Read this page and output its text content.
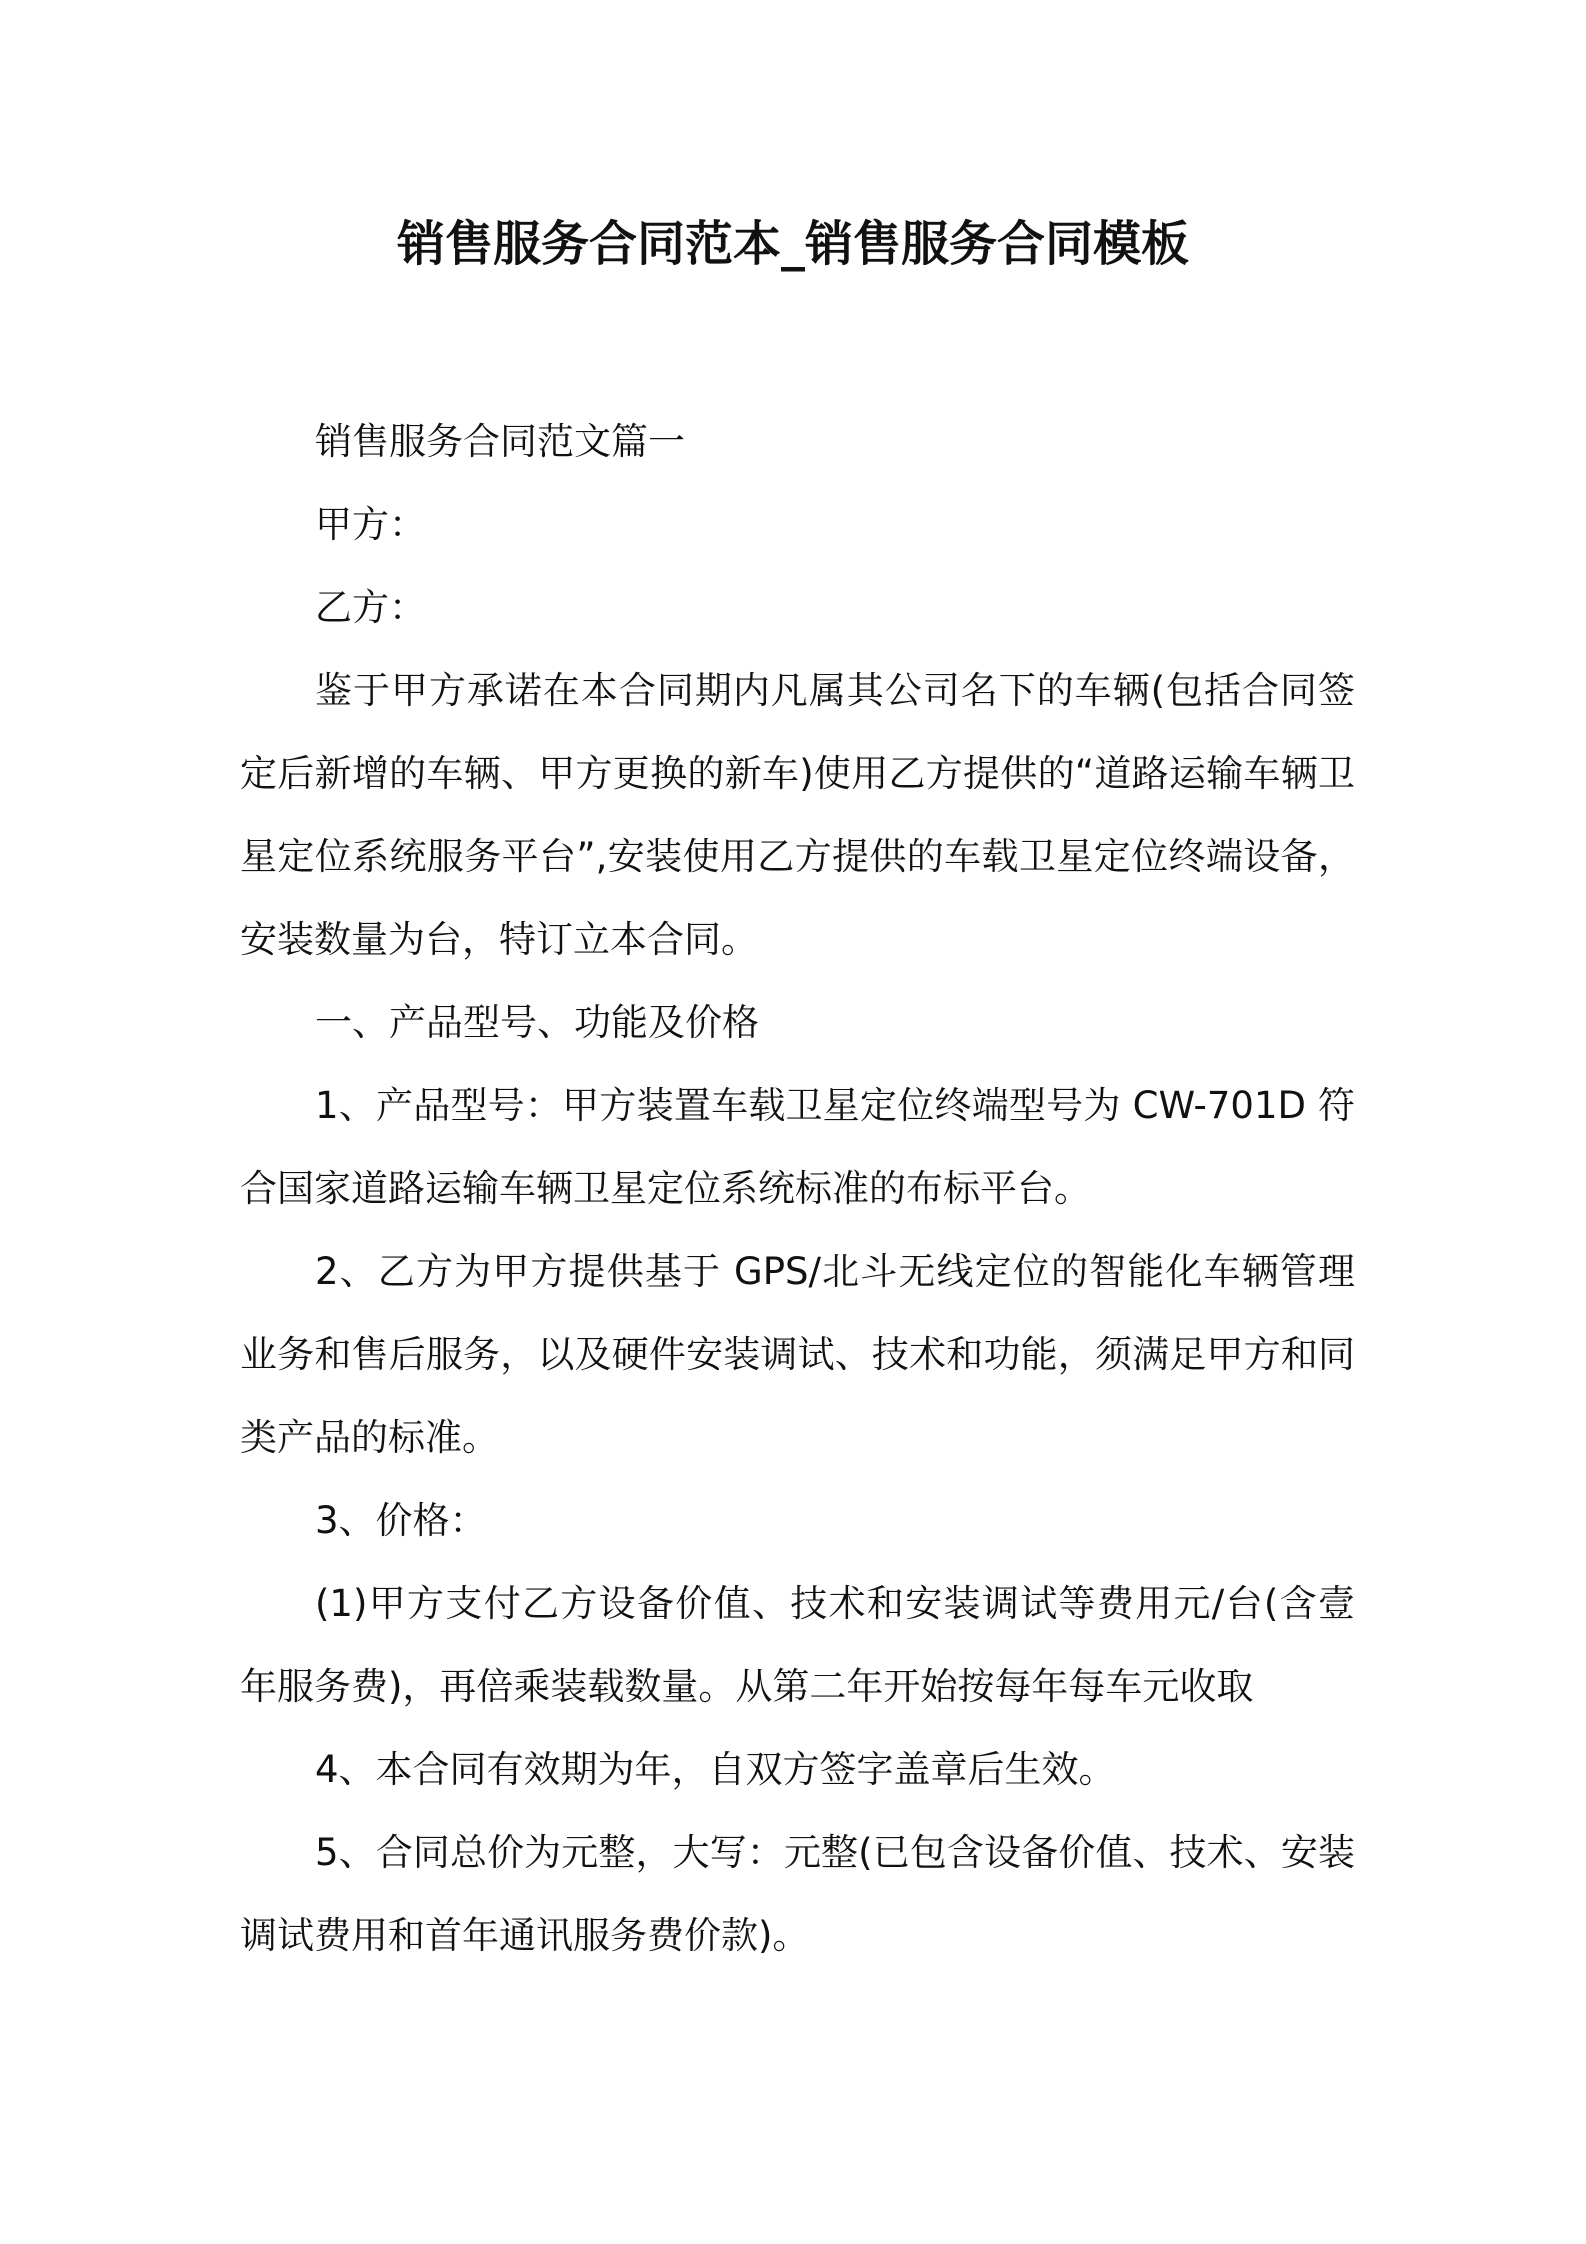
销售服务合同范本_销售服务合同模板

销售服务合同范文篇一

甲方：

乙方：

鉴于甲方承诺在本合同期内凡属其公司名下的车辆(包括合同签定后新增的车辆、甲方更换的新车)使用乙方提供的“道路运输车辆卫星定位系统服务平台”,安装使用乙方提供的车载卫星定位终端设备，安装数量为台，特订立本合同。

一、产品型号、功能及价格

1、产品型号：甲方装置车载卫星定位终端型号为 CW-701D 符合国家道路运输车辆卫星定位系统标准的布标平台。

2、乙方为甲方提供基于 GPS/北斗无线定位的智能化车辆管理业务和售后服务，以及硬件安装调试、技术和功能，须满足甲方和同类产品的标准。

3、价格：

(1)甲方支付乙方设备价值、技术和安装调试等费用元/台(含壹年服务费)，再倍乘装载数量。从第二年开始按每年每车元收取

4、本合同有效期为年，自双方签字盖章后生效。

5、合同总价为元整，大写：元整(已包含设备价值、技术、安装调试费用和首年通讯服务费价款)。
